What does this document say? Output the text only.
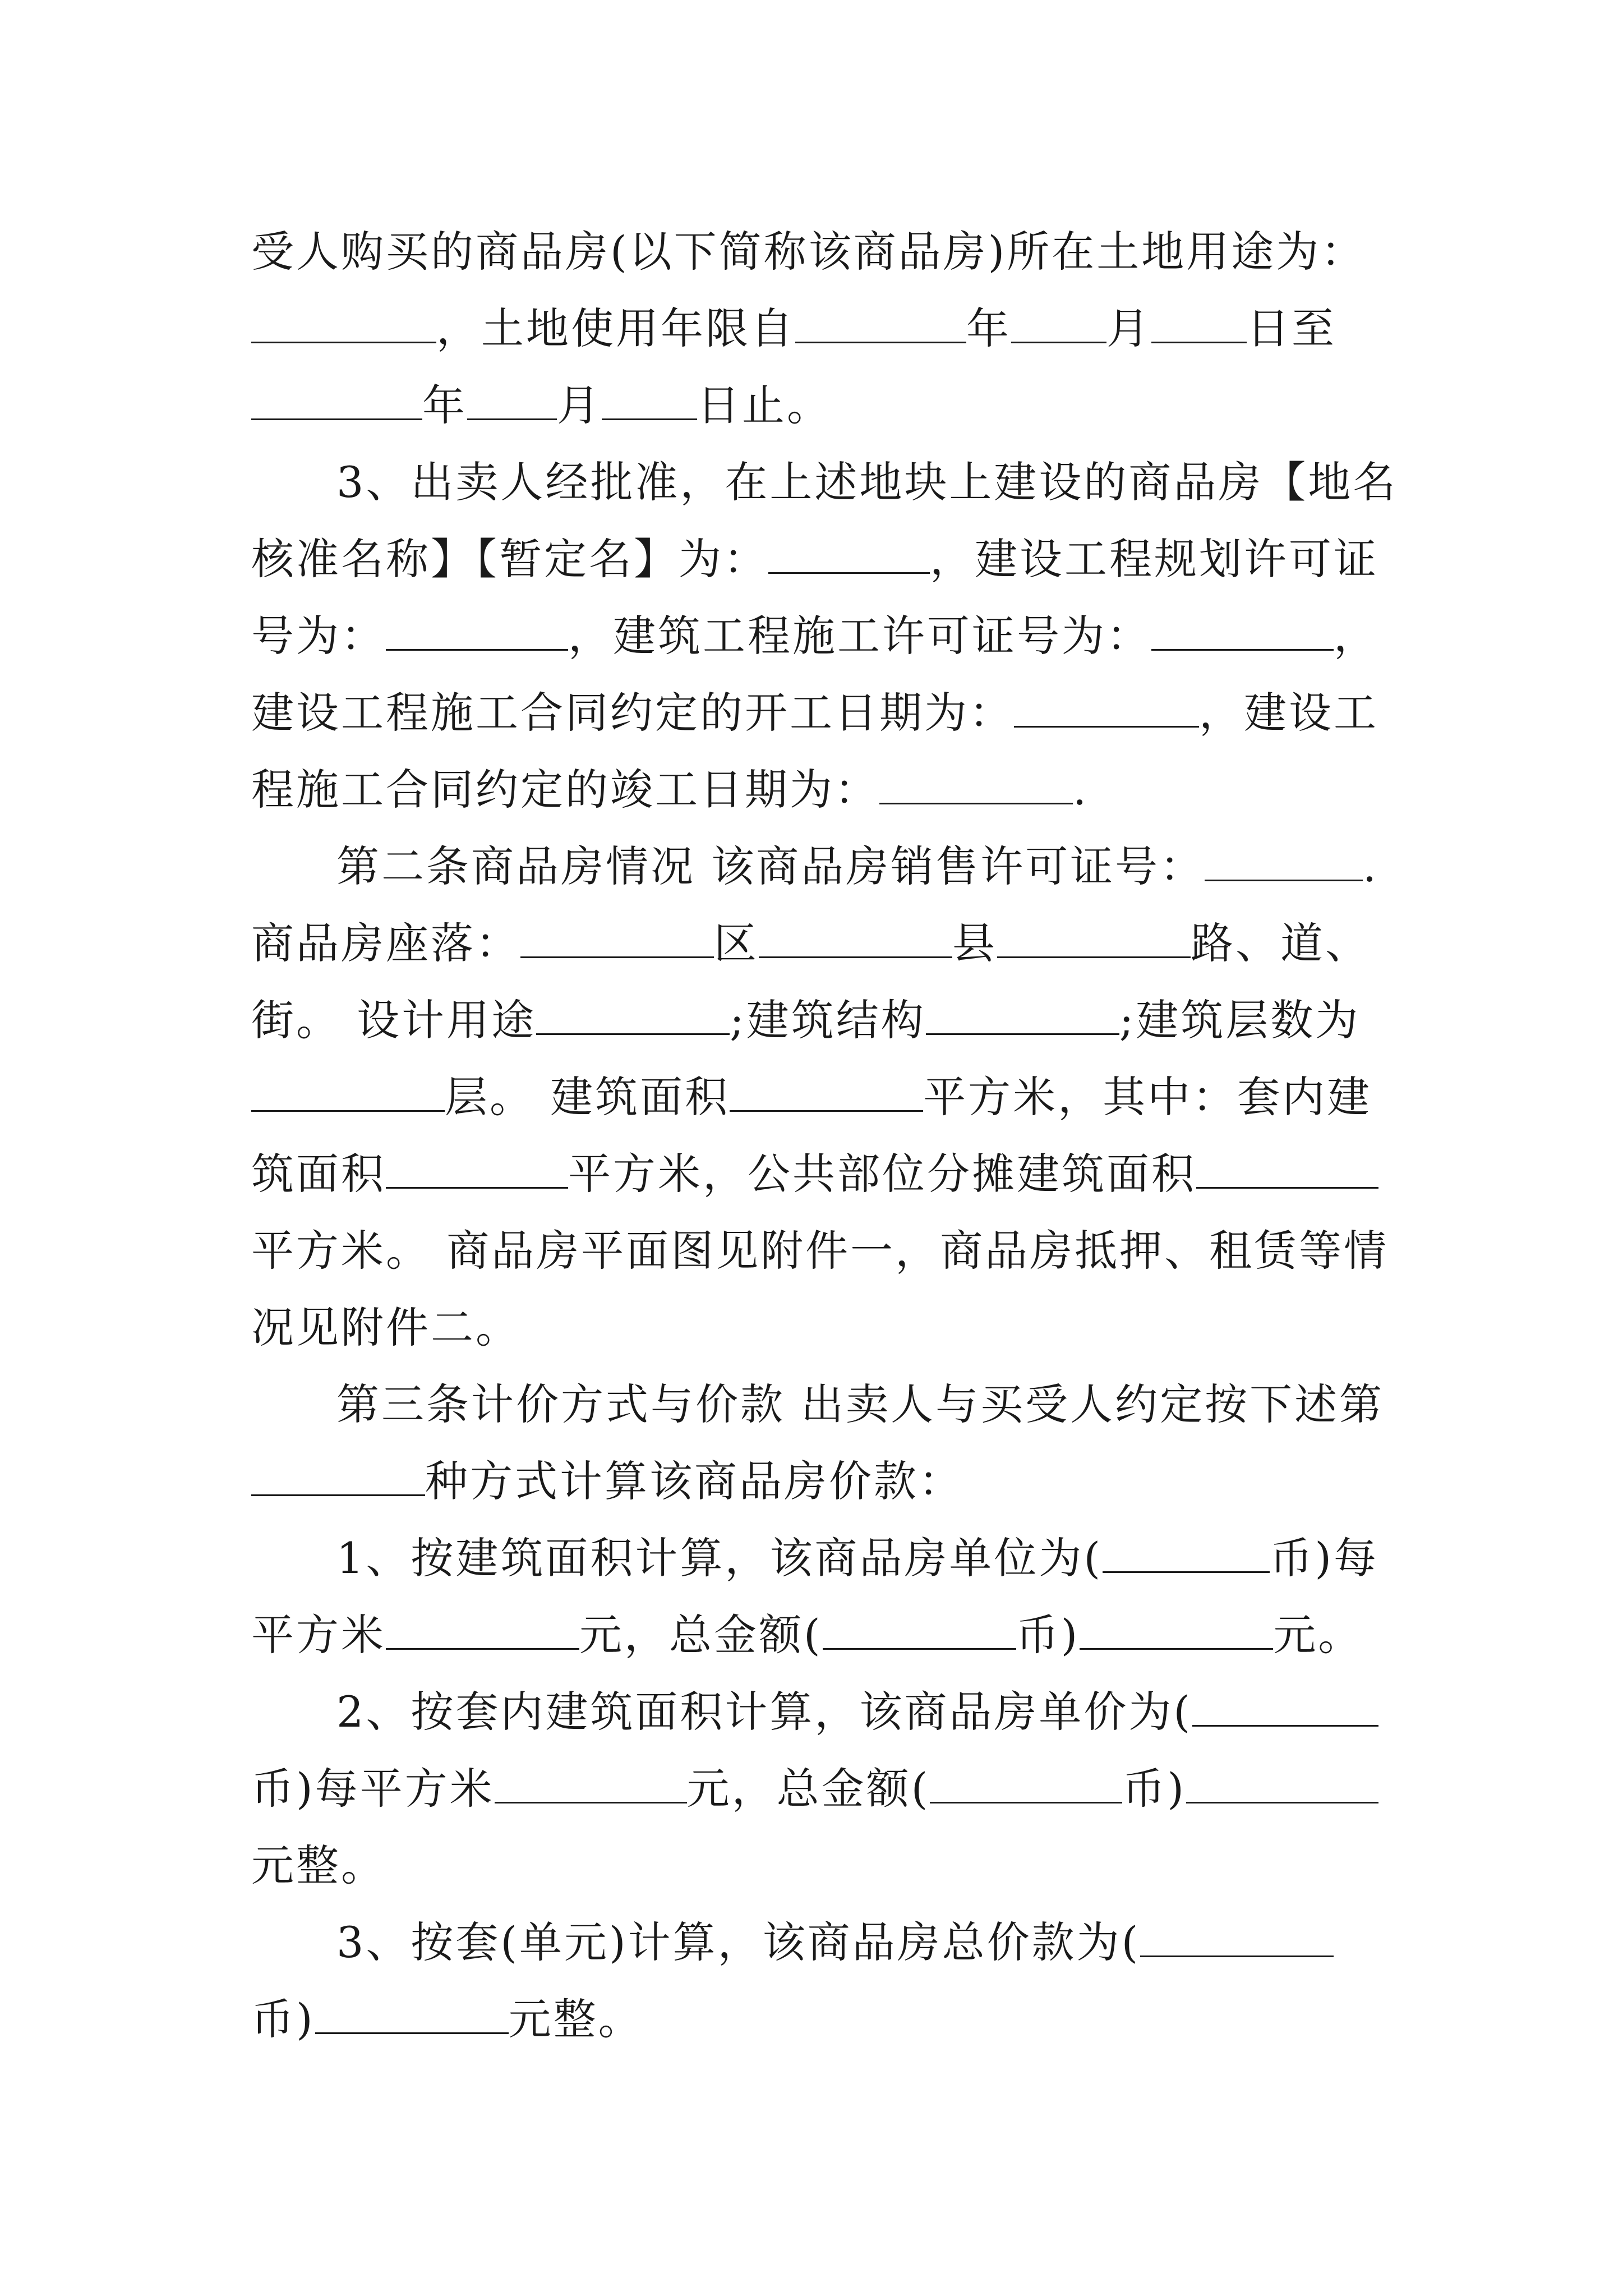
受人购买的商品房(以下简称该商品房)所在土地用途为：
，土地使用年限自	年 月 日至
年 月 日止。
3、出卖人经批准，在上述地块上建设的商品房【地名
核准名称】【暂定名】为：	，建设工程规划许可证
号为：	，建筑工程施工许可证号为：	，
建设工程施工合同约定的开工日期为：	，建设工
程施工合同约定的竣工日期为：	.
第二条商品房情况 该商品房销售许可证号：	.
商品房座落：	区	县	路、道、
街。 设计用途	;建筑结构	;建筑层数为
层。 建筑面积	平方米，其中：套内建
筑面积	平方米，公共部位分摊建筑面积
平方米。 商品房平面图见附件一，商品房抵押、租赁等情
况见附件二。
第三条计价方式与价款 出卖人与买受人约定按下述第
种方式计算该商品房价款：
1、按建筑面积计算，该商品房单位为(	币)每
平方米	元，总金额(	币)	元。
2、按套内建筑面积计算，该商品房单价为(
币)每平方米	元，总金额(	币)
元整。
3、按套(单元)计算，该商品房总价款为(
币)	元整。
